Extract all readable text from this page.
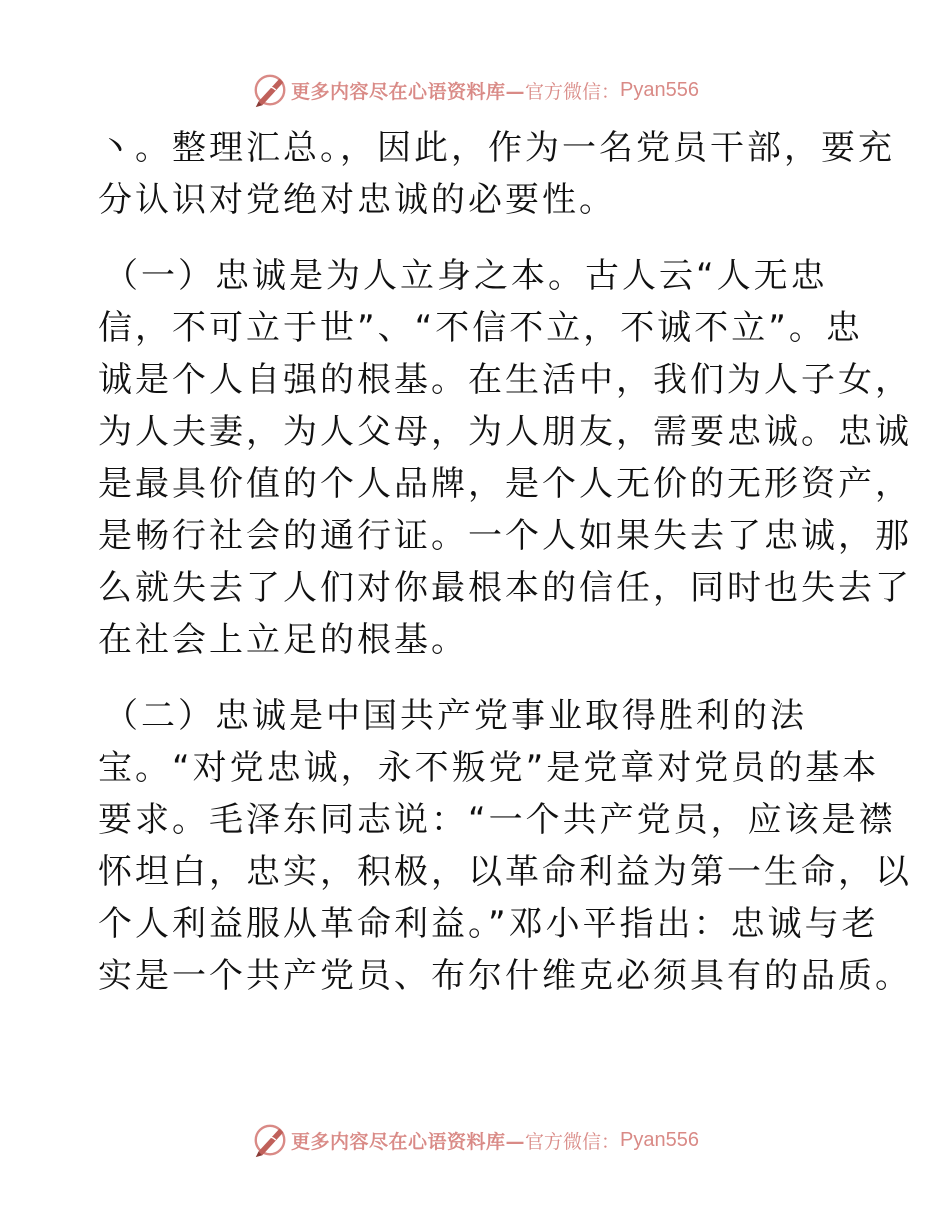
更多内容尽在心语资料库— 官方微信： Pyan556

丶。整理汇总。，因此，作为一名党员干部，要充
分认识对党绝对忠诚的必要性。

（一）忠诚是为人立身之本。古人云“人无忠
信，不可立于世”、“不信不立，不诚不立”。忠
诚是个人自强的根基。在生活中，我们为人子女，
为人夫妻，为人父母，为人朋友，需要忠诚。忠诚
是最具价值的个人品牌，是个人无价的无形资产，
是畅行社会的通行证。一个人如果失去了忠诚，那
么就失去了人们对你最根本的信任，同时也失去了
在社会上立足的根基。

（二）忠诚是中国共产党事业取得胜利的法
宝。“对党忠诚，永不叛党”是党章对党员的基本
要求。毛泽东同志说：“一个共产党员，应该是襟
怀坦白，忠实，积极，以革命利益为第一生命，以
个人利益服从革命利益。”邓小平指出：忠诚与老
实是一个共产党员、布尔什维克必须具有的品质。

更多内容尽在心语资料库— 官方微信： Pyan556
